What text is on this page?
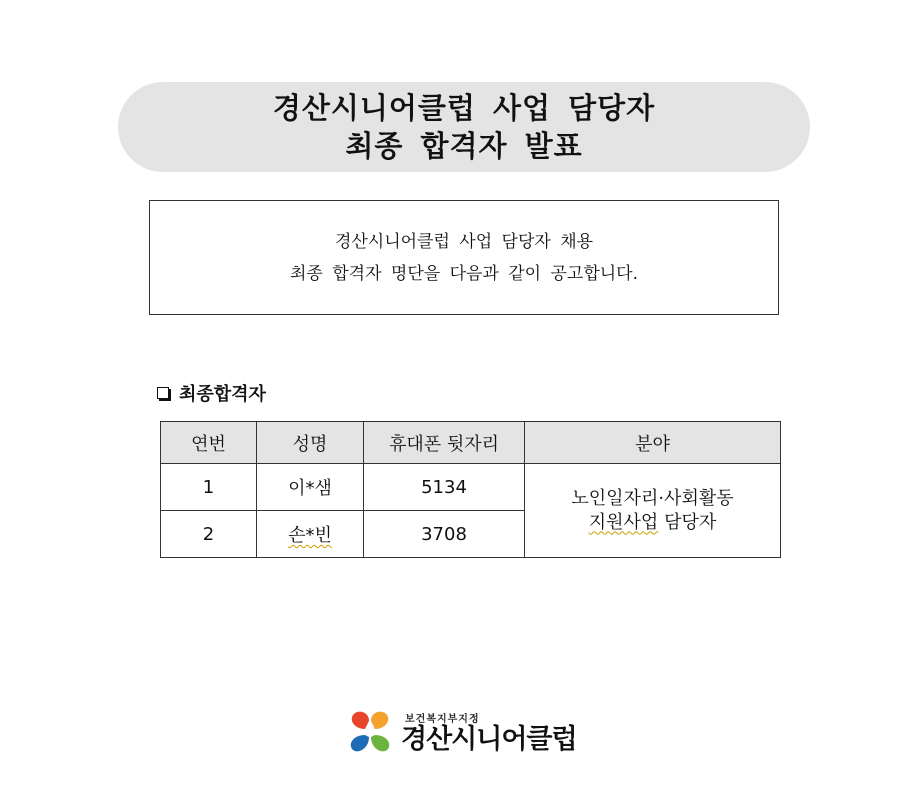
경산시니어클럽 사업 담당자
최종 합격자 발표
경산시니어클럽 사업 담당자 채용
최종 합격자 명단을 다음과 같이 공고합니다.
최종합격자
연번	성명	휴대폰 뒷자리	분야
1	이*샘	5134	노인일자리·사회활동
지원사업 담당자

2	손*빈	3708	
보건복지부지정
경산시니어클럽
